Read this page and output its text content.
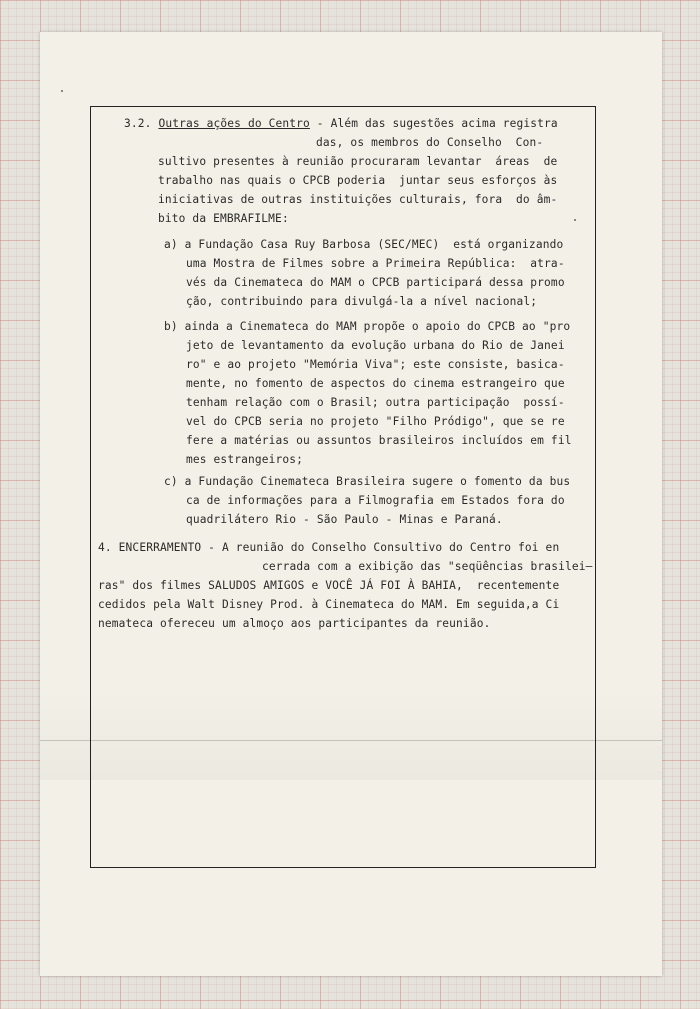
3.2. Outras ações do Centro - Além das sugestões acima registra

das, os membros do Conselho  Con-

sultivo presentes à reunião procuraram levantar  áreas  de

trabalho nas quais o CPCB poderia  juntar seus esforços às

iniciativas de outras instituições culturais, fora  do âm-

bito da EMBRAFILME:

a) a Fundação Casa Ruy Barbosa (SEC/MEC)  está organizando

uma Mostra de Filmes sobre a Primeira República:  atra-

vés da Cinemateca do MAM o CPCB participará dessa promo

ção, contribuindo para divulgá-la a nível nacional;

b) ainda a Cinemateca do MAM propõe o apoio do CPCB ao "pro

jeto de levantamento da evolução urbana do Rio de Janei

ro" e ao projeto "Memória Viva"; este consiste, basica-

mente, no fomento de aspectos do cinema estrangeiro que

tenham relação com o Brasil; outra participação  possí-

vel do CPCB seria no projeto "Filho Pródigo", que se re

fere a matérias ou assuntos brasileiros incluídos em fil

mes estrangeiros;

c) a Fundação Cinemateca Brasileira sugere o fomento da bus

ca de informações para a Filmografia em Estados fora do

quadrilátero Rio - São Paulo - Minas e Paraná.

4. ENCERRAMENTO - A reunião do Conselho Consultivo do Centro foi en

cerrada com a exibição das "seqüências brasilei—

ras" dos filmes SALUDOS AMIGOS e VOCÊ JÁ FOI À BAHIA,  recentemente

cedidos pela Walt Disney Prod. à Cinemateca do MAM. Em seguida,a Ci

nemateca ofereceu um almoço aos participantes da reunião.
